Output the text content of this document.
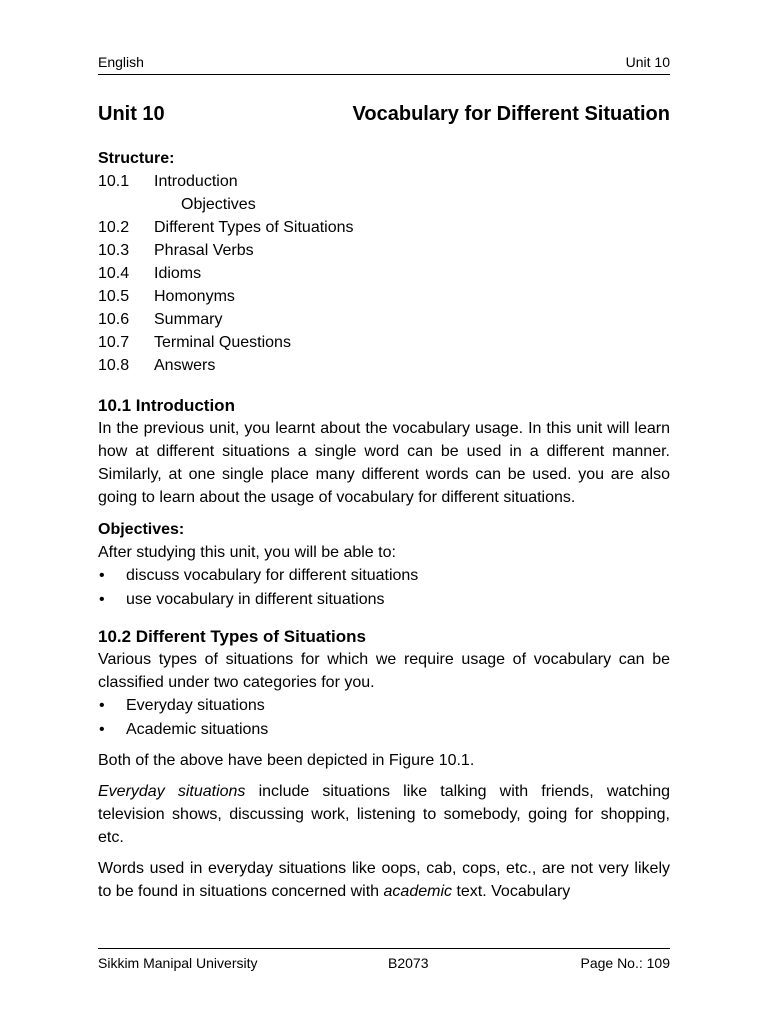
English	Unit 10
Unit 10	Vocabulary for Different Situation

Structure:

10.1 Introduction
Objectives
10.2 Different Types of Situations
10.3 Phrasal Verbs
10.4 Idioms
10.5 Homonyms
10.6 Summary
10.7 Terminal Questions
10.8 Answers

10.1 Introduction

In the previous unit, you learnt about the vocabulary usage. In this unit will learn how at different situations a single word can be used in a different manner. Similarly, at one single place many different words can be used. you are also going to learn about the usage of vocabulary for different situations.

Objectives:

After studying this unit, you will be able to:

• discuss vocabulary for different situations
• use vocabulary in different situations

10.2 Different Types of Situations

Various types of situations for which we require usage of vocabulary can be classified under two categories for you.

• Everyday situations
• Academic situations

Both of the above have been depicted in Figure 10.1.

Everyday situations include situations like talking with friends, watching television shows, discussing work, listening to somebody, going for shopping, etc.

Words used in everyday situations like oops, cab, cops, etc., are not very likely to be found in situations concerned with academic text. Vocabulary

Sikkim Manipal University	B2073	Page No.: 109
